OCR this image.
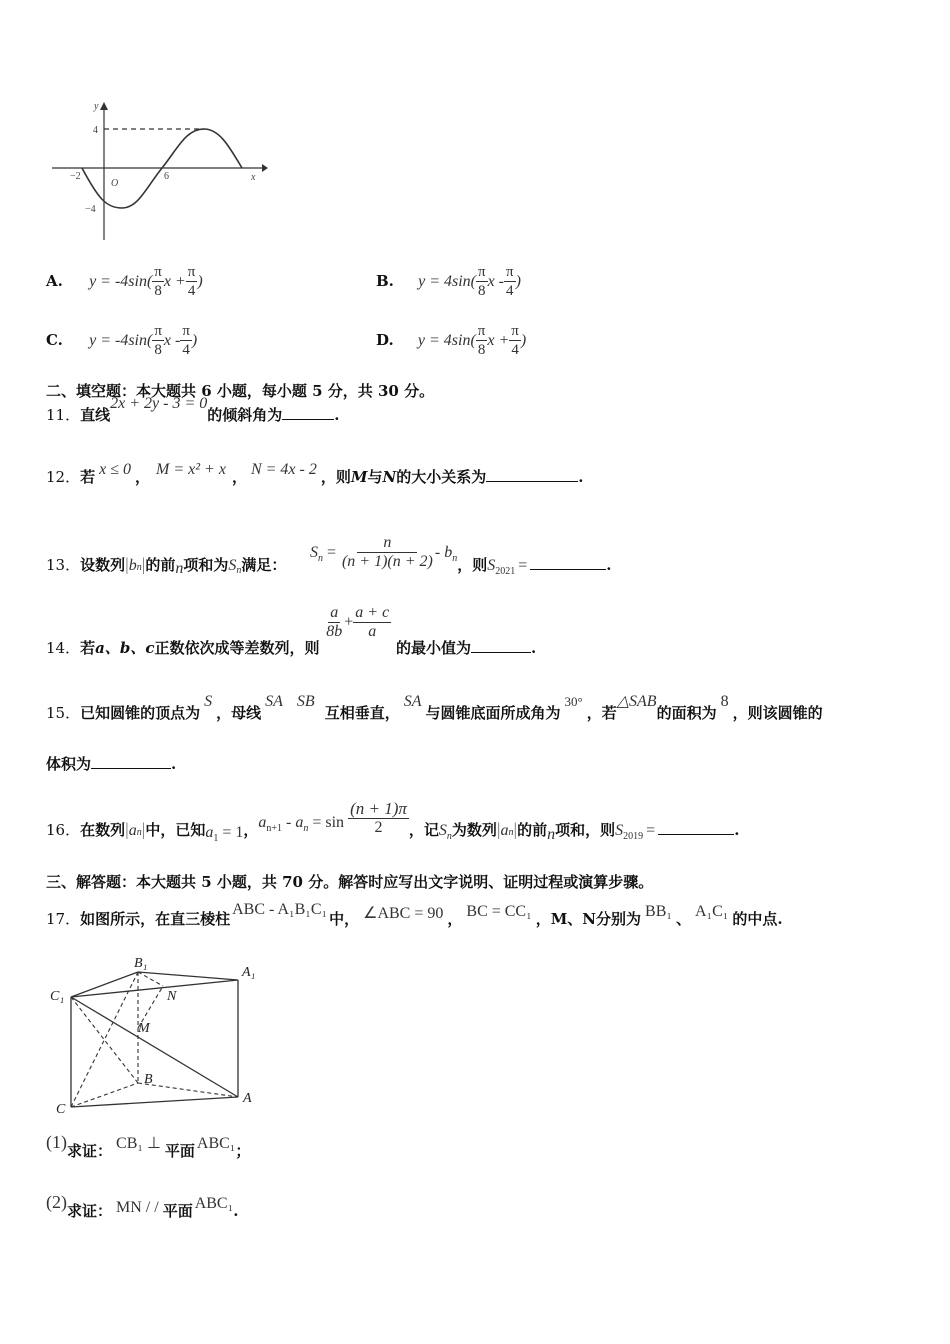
y
x
O
4
−4
−2	6
A. $y = -4\sin( \frac{\pi}{8}$ $x + \frac{\pi}{4}$ )	B. $y = 4\sin( \frac{\pi}{8}$ x - $\frac{\pi}{4}$ )
C. $y = -4\sin( \frac{\pi}{8}$ x - $\frac{\pi}{4}$ )	D. $y = 4\sin( \frac{\pi}{8}$ $x + \frac{\pi}{4}$ )
二、填空题：本大题共 6 小题，每小题 5 分，共 30 分。
11．直线2x + 2y - 3 = 0的倾斜角为	.
12．若 x ≤ 0 ， M = x² + x ， N = 4x - 2 ，则M与N的大小关系为	.
13．设数列|bn|的前n项和为$S_n$满足：  $S_n = \frac{n}{(n + 1)(n + 2)} - b_n$，则$S_{2021}$ =	.
14．若a、b、c正数依次成等差数列，则
$\frac{a}{8b} + \frac{a + c}{a}$
的最小值为	.
15．已知圆锥的顶点为S，母线SA SB互相垂直，SA与圆锥底面所成角为30°，若△SAB的面积为8，则该圆锥的
体积为	.
16．在数列|an|中，已知$a_1 = 1$，$a_{n+1} - a_n = \sin \frac{(n + 1)\pi}{2}$ ，记$S_n$为数列|an|的前n项和，则$S_{2019}$ =	.
三、解答题：本大题共 5 小题，共 70 分。解答时应写出文字说明、证明过程或演算步骤。
17．如图所示，在直三棱柱ABC - A₁B₁C₁中， ∠ABC = 90 ， BC = CC₁ ，M、N分别为 BB₁ 、 A₁C₁ 的中点.
B₁
A₁
C₁	N
M
B
A
C
(1)求证： CB₁ ⊥ 平面 ABC₁；
(2)求证： MN / / 平面 ABC₁.
